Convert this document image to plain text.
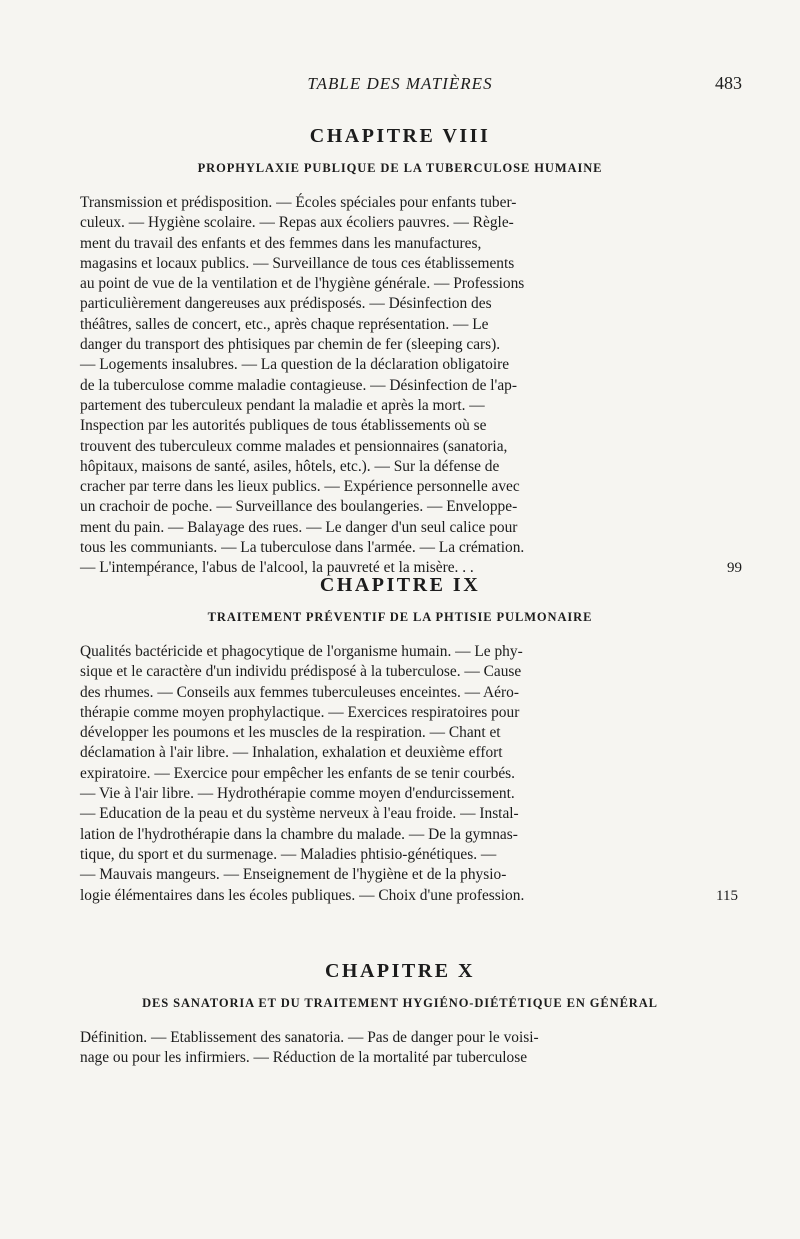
TABLE DES MATIÈRES	483
CHAPITRE VIII
PROPHYLAXIE PUBLIQUE DE LA TUBERCULOSE HUMAINE
Transmission et prédisposition. — Écoles spéciales pour enfants tuber-
culeux. — Hygiène scolaire. — Repas aux écoliers pauvres. — Règle-
ment du travail des enfants et des femmes dans les manufactures,
magasins et locaux publics. — Surveillance de tous ces établissements
au point de vue de la ventilation et de l'hygiène générale. — Professions
particulièrement dangereuses aux prédisposés. — Désinfection des
théâtres, salles de concert, etc., après chaque représentation. — Le
danger du transport des phtisiques par chemin de fer (sleeping cars).
— Logements insalubres. — La question de la déclaration obligatoire
de la tuberculose comme maladie contagieuse. — Désinfection de l'ap-
partement des tuberculeux pendant la maladie et après la mort. —
Inspection par les autorités publiques de tous établissements où se
trouvent des tuberculeux comme malades et pensionnaires (sanatoria,
hôpitaux, maisons de santé, asiles, hôtels, etc.). — Sur la défense de
cracher par terre dans les lieux publics. — Expérience personnelle avec
un crachoir de poche. — Surveillance des boulangeries. — Enveloppe-
ment du pain. — Balayage des rues. — Le danger d'un seul calice pour
tous les communiants. — La tuberculose dans l'armée. — La crémation.
— L'intempérance, l'abus de l'alcool, la pauvreté et la misère. . .	99
CHAPITRE IX
TRAITEMENT PRÉVENTIF DE LA PHTISIE PULMONAIRE
Qualités bactéricide et phagocytique de l'organisme humain. — Le phy-
sique et le caractère d'un individu prédisposé à la tuberculose. — Cause
des rhumes. — Conseils aux femmes tuberculeuses enceintes. — Aéro-
thérapie comme moyen prophylactique. — Exercices respiratoires pour
développer les poumons et les muscles de la respiration. — Chant et
déclamation à l'air libre. — Inhalation, exhalation et deuxième effort
expiratoire. — Exercice pour empêcher les enfants de se tenir courbés.
— Vie à l'air libre. — Hydrothérapie comme moyen d'endurcissement.
— Education de la peau et du système nerveux à l'eau froide. — Instal-
lation de l'hydrothérapie dans la chambre du malade. — De la gymnas-
tique, du sport et du surmenage. — Maladies phtisio-génétiques. —
— Mauvais mangeurs. — Enseignement de l'hygiène et de la physio-
logie élémentaires dans les écoles publiques. — Choix d'une profession.	115
CHAPITRE X
DES SANATORIA ET DU TRAITEMENT HYGIÉNO-DIÉTÉTIQUE EN GÉNÉRAL
Définition. — Etablissement des sanatoria. — Pas de danger pour le voisi-
nage ou pour les infirmiers. — Réduction de la mortalité par tuberculose
